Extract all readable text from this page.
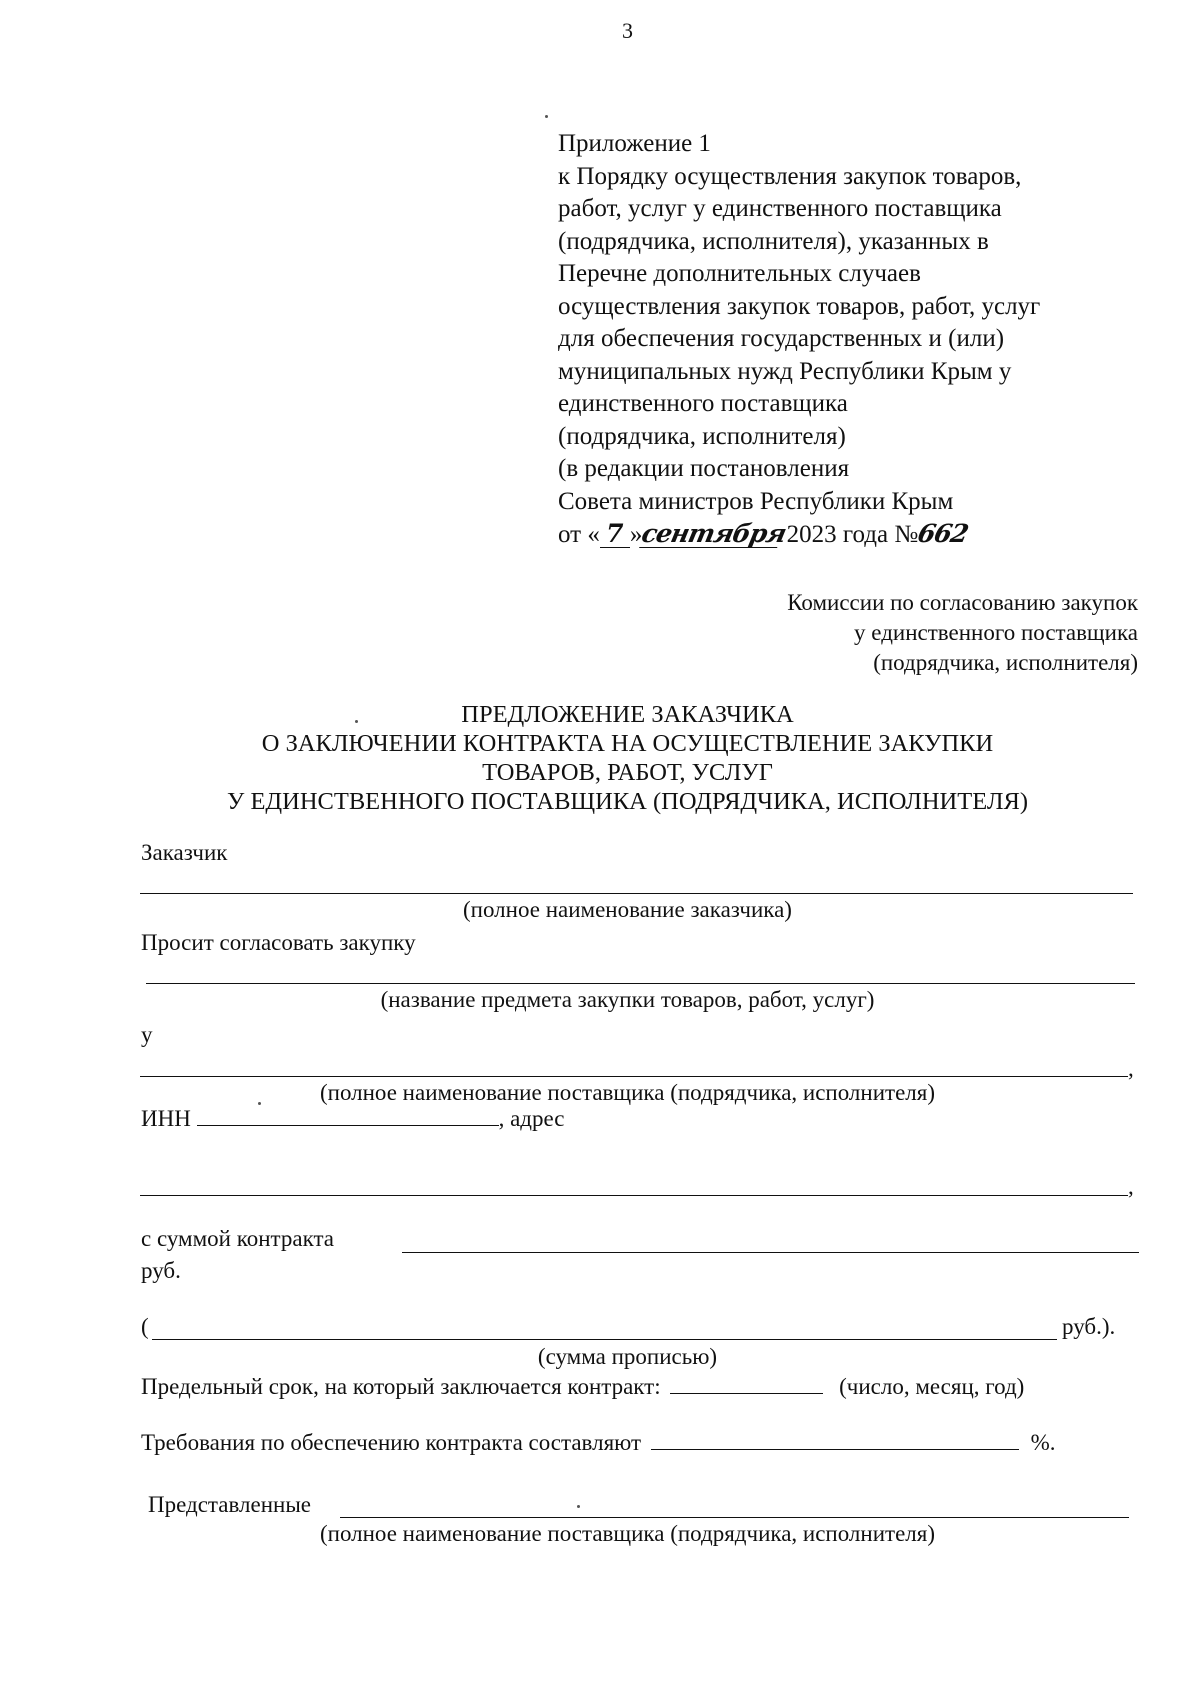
3
Приложение 1
к Порядку осуществления закупок товаров,
работ, услуг у единственного поставщика
(подрядчика, исполнителя), указанных в
Перечне дополнительных случаев
осуществления закупок товаров, работ, услуг
для обеспечения государственных и (или)
муниципальных нужд Республики Крым у
единственного поставщика
(подрядчика, исполнителя)
(в редакции постановления
Совета министров Республики Крым
от « 7 »сентября 2023 года №662
Комиссии по согласованию закупок
у единственного поставщика
(подрядчика, исполнителя)
ПРЕДЛОЖЕНИЕ ЗАКАЗЧИКА
О ЗАКЛЮЧЕНИИ КОНТРАКТА НА ОСУЩЕСТВЛЕНИЕ ЗАКУПКИ
ТОВАРОВ, РАБОТ, УСЛУГ
У ЕДИНСТВЕННОГО ПОСТАВЩИКА (ПОДРЯДЧИКА, ИСПОЛНИТЕЛЯ)
Заказчик
(полное наименование заказчика)
Просит согласовать закупку
(название предмета закупки товаров, работ, услуг)
у
,
(полное наименование поставщика (подрядчика, исполнителя)
ИНН	, адрес
,
с суммой контракта
руб.
(	руб.).
(сумма прописью)
Предельный срок, на который заключается контракт:	(число, месяц, год)
Требования по обеспечению контракта составляют	%.
Представленные
(полное наименование поставщика (подрядчика, исполнителя)
